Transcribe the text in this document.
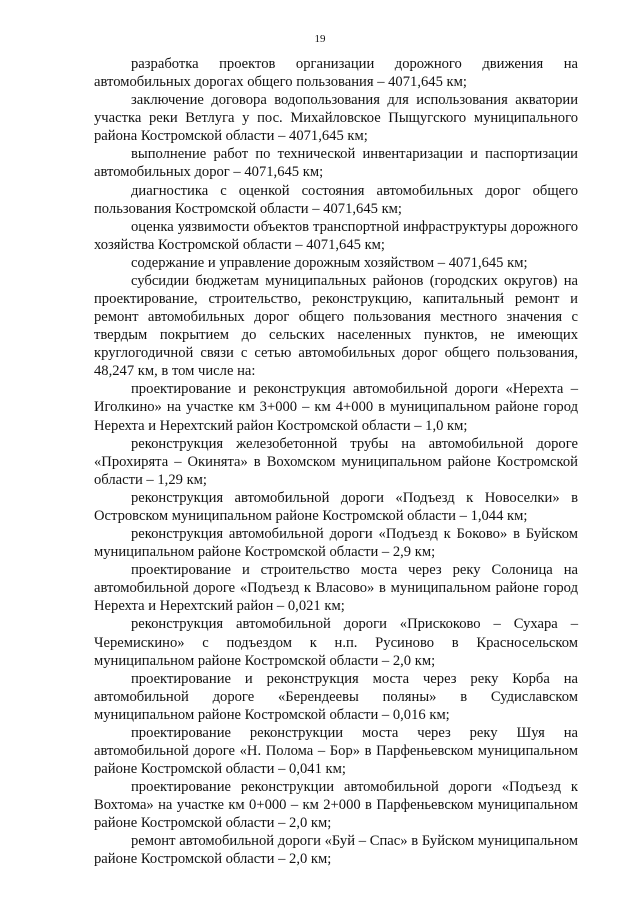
19

разработка проектов организации дорожного движения на автомобильных дорогах общего пользования – 4071,645 км;

заключение договора водопользования для использования акватории участка реки Ветлуга у пос. Михайловское Пыщугского муниципального района Костромской области – 4071,645 км;

выполнение работ по технической инвентаризации и паспортизации автомобильных дорог – 4071,645 км;

диагностика с оценкой состояния автомобильных дорог общего пользования Костромской области – 4071,645 км;

оценка уязвимости объектов транспортной инфраструктуры дорожного хозяйства Костромской области – 4071,645 км;

содержание и управление дорожным хозяйством – 4071,645 км;

субсидии бюджетам муниципальных районов (городских округов) на проектирование, строительство, реконструкцию, капитальный ремонт и ремонт автомобильных дорог общего пользования местного значения с твердым покрытием до сельских населенных пунктов, не имеющих круглогодичной связи с сетью автомобильных дорог общего пользования, 48,247 км, в том числе на:

проектирование и реконструкция автомобильной дороги «Нерехта – Иголкино» на участке км 3+000 – км 4+000 в муниципальном районе город Нерехта и Нерехтский район Костромской области – 1,0 км;

реконструкция железобетонной трубы на автомобильной дороге «Прохирята – Окинята» в Вохомском муниципальном районе Костромской области – 1,29 км;

реконструкция автомобильной дороги «Подъезд к Новоселки» в Островском муниципальном районе Костромской области – 1,044 км;

реконструкция автомобильной дороги «Подъезд к Боково» в Буйском муниципальном районе Костромской области – 2,9 км;

проектирование и строительство моста через реку Солоница на автомобильной дороге «Подъезд к Власово» в муниципальном районе город Нерехта и Нерехтский район – 0,021 км;

реконструкция автомобильной дороги «Прискоково – Сухара – Черемискино» с подъездом к н.п. Русиново в Красносельском муниципальном районе Костромской области – 2,0 км;

проектирование и реконструкция моста через реку Корба на автомобильной дороге «Берендеевы поляны» в Судиславском муниципальном районе Костромской области – 0,016 км;

проектирование реконструкции моста через реку Шуя на автомобильной дороге «Н. Полома – Бор» в Парфеньевском муниципальном районе Костромской области – 0,041 км;

проектирование реконструкции автомобильной дороги «Подъезд к Вохтома» на участке км 0+000 – км 2+000 в Парфеньевском муниципальном районе Костромской области – 2,0 км;

ремонт автомобильной дороги «Буй – Спас» в Буйском муниципальном районе Костромской области – 2,0 км;
